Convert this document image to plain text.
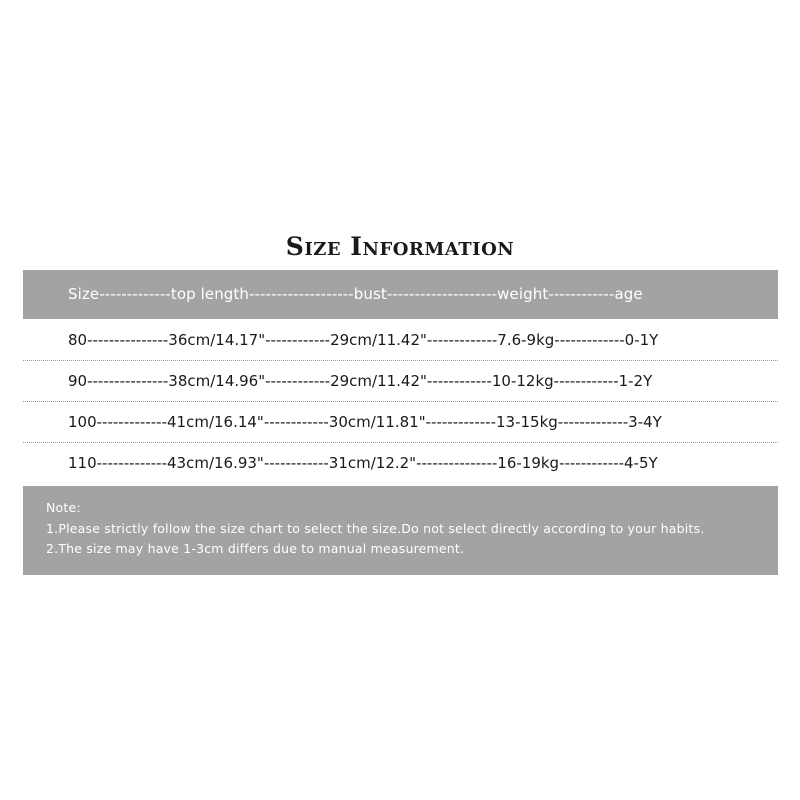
Size Information
Size-------------top length-------------------bust--------------------weight------------age
80---------------36cm/14.17"------------29cm/11.42"-------------7.6-9kg-------------0-1Y
90---------------38cm/14.96"------------29cm/11.42"------------10-12kg------------1-2Y
100-------------41cm/16.14"------------30cm/11.81"-------------13-15kg-------------3-4Y
110-------------43cm/16.93"------------31cm/12.2"---------------16-19kg------------4-5Y
Note:
1.Please strictly follow the size chart to select the size.Do not select directly according to your habits.
2.The size may have 1-3cm differs due to manual measurement.
